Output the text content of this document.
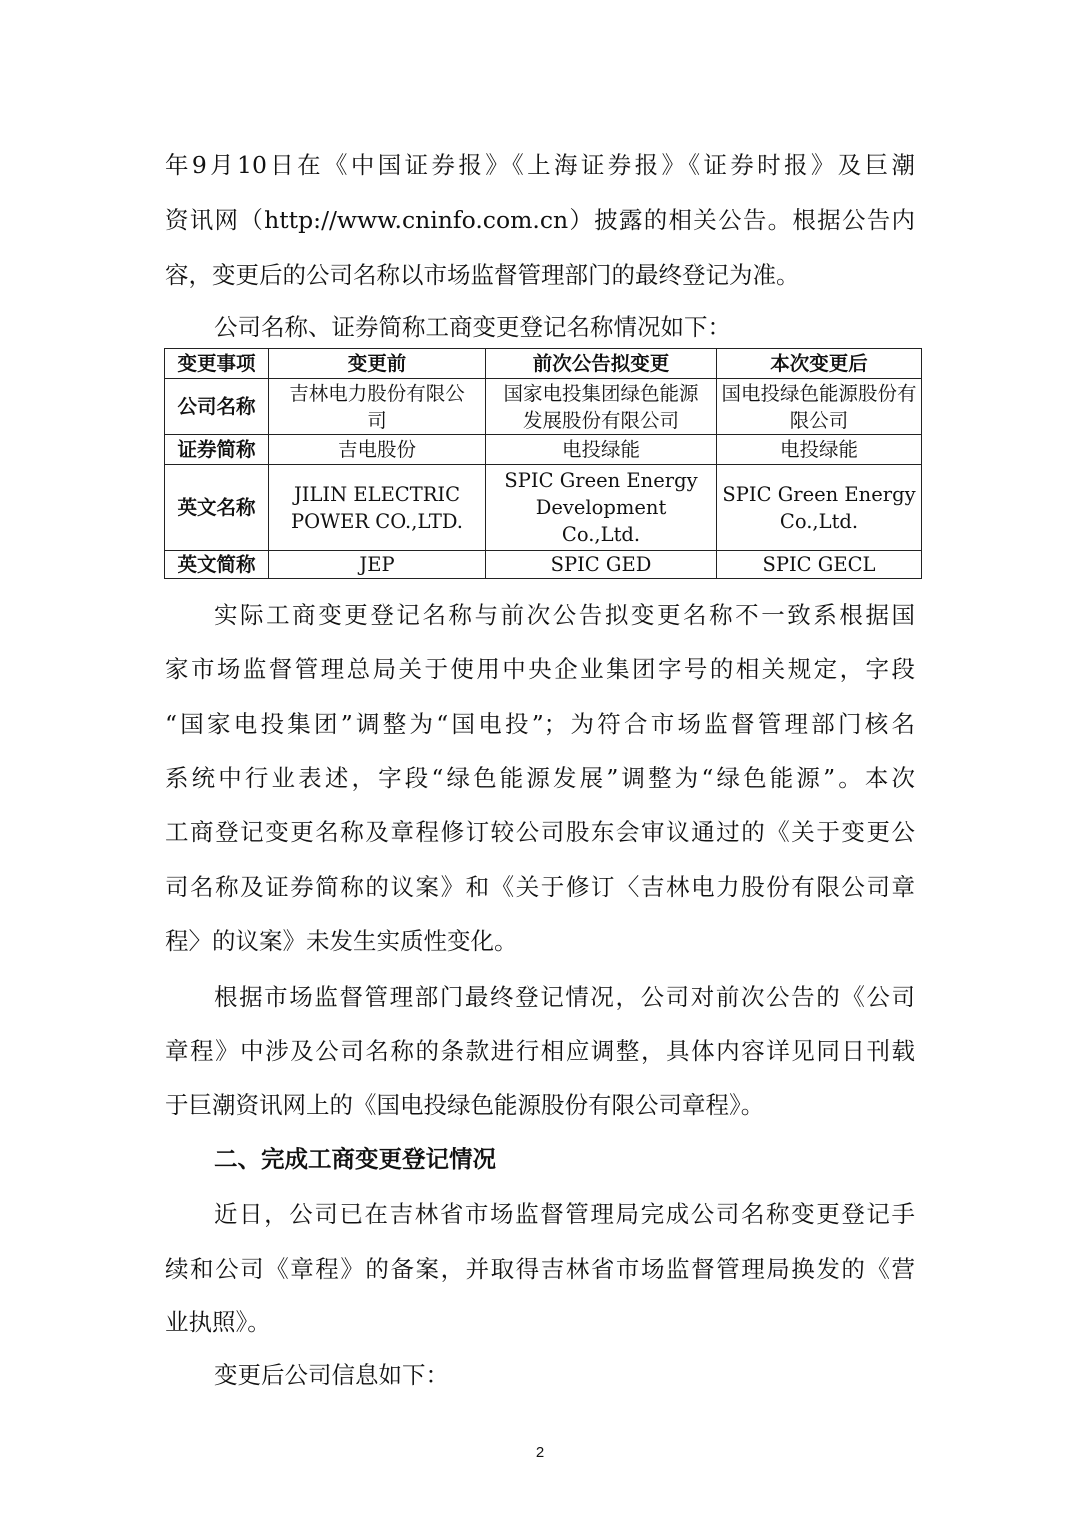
年9月10日在《中国证券报》《上海证券报》《证券时报》及巨潮
资讯网（http://www.cninfo.com.cn）披露的相关公告。根据公告内
容，变更后的公司名称以市场监督管理部门的最终登记为准。
公司名称、证券简称工商变更登记名称情况如下：
变更事项	变更前	前次公告拟变更	本次变更后
公司名称	吉林电力股份有限公司	国家电投集团绿色能源发展股份有限公司	国电投绿色能源股份有限公司
证券简称	吉电股份	电投绿能	电投绿能
英文名称	JILIN ELECTRIC POWER CO.,LTD.	SPIC Green Energy Development Co.,Ltd.	SPIC Green Energy Co.,Ltd.
英文简称	JEP	SPIC GED	SPIC GECL
实际工商变更登记名称与前次公告拟变更名称不一致系根据国
家市场监督管理总局关于使用中央企业集团字号的相关规定，字段
“国家电投集团”调整为“国电投”；为符合市场监督管理部门核名
系统中行业表述，字段“绿色能源发展”调整为“绿色能源”。本次
工商登记变更名称及章程修订较公司股东会审议通过的《关于变更公
司名称及证券简称的议案》和《关于修订〈吉林电力股份有限公司章
程〉的议案》未发生实质性变化。
根据市场监督管理部门最终登记情况，公司对前次公告的《公司
章程》中涉及公司名称的条款进行相应调整，具体内容详见同日刊载
于巨潮资讯网上的《国电投绿色能源股份有限公司章程》。
二、完成工商变更登记情况
近日，公司已在吉林省市场监督管理局完成公司名称变更登记手
续和公司《章程》的备案，并取得吉林省市场监督管理局换发的《营
业执照》。
变更后公司信息如下：
2
